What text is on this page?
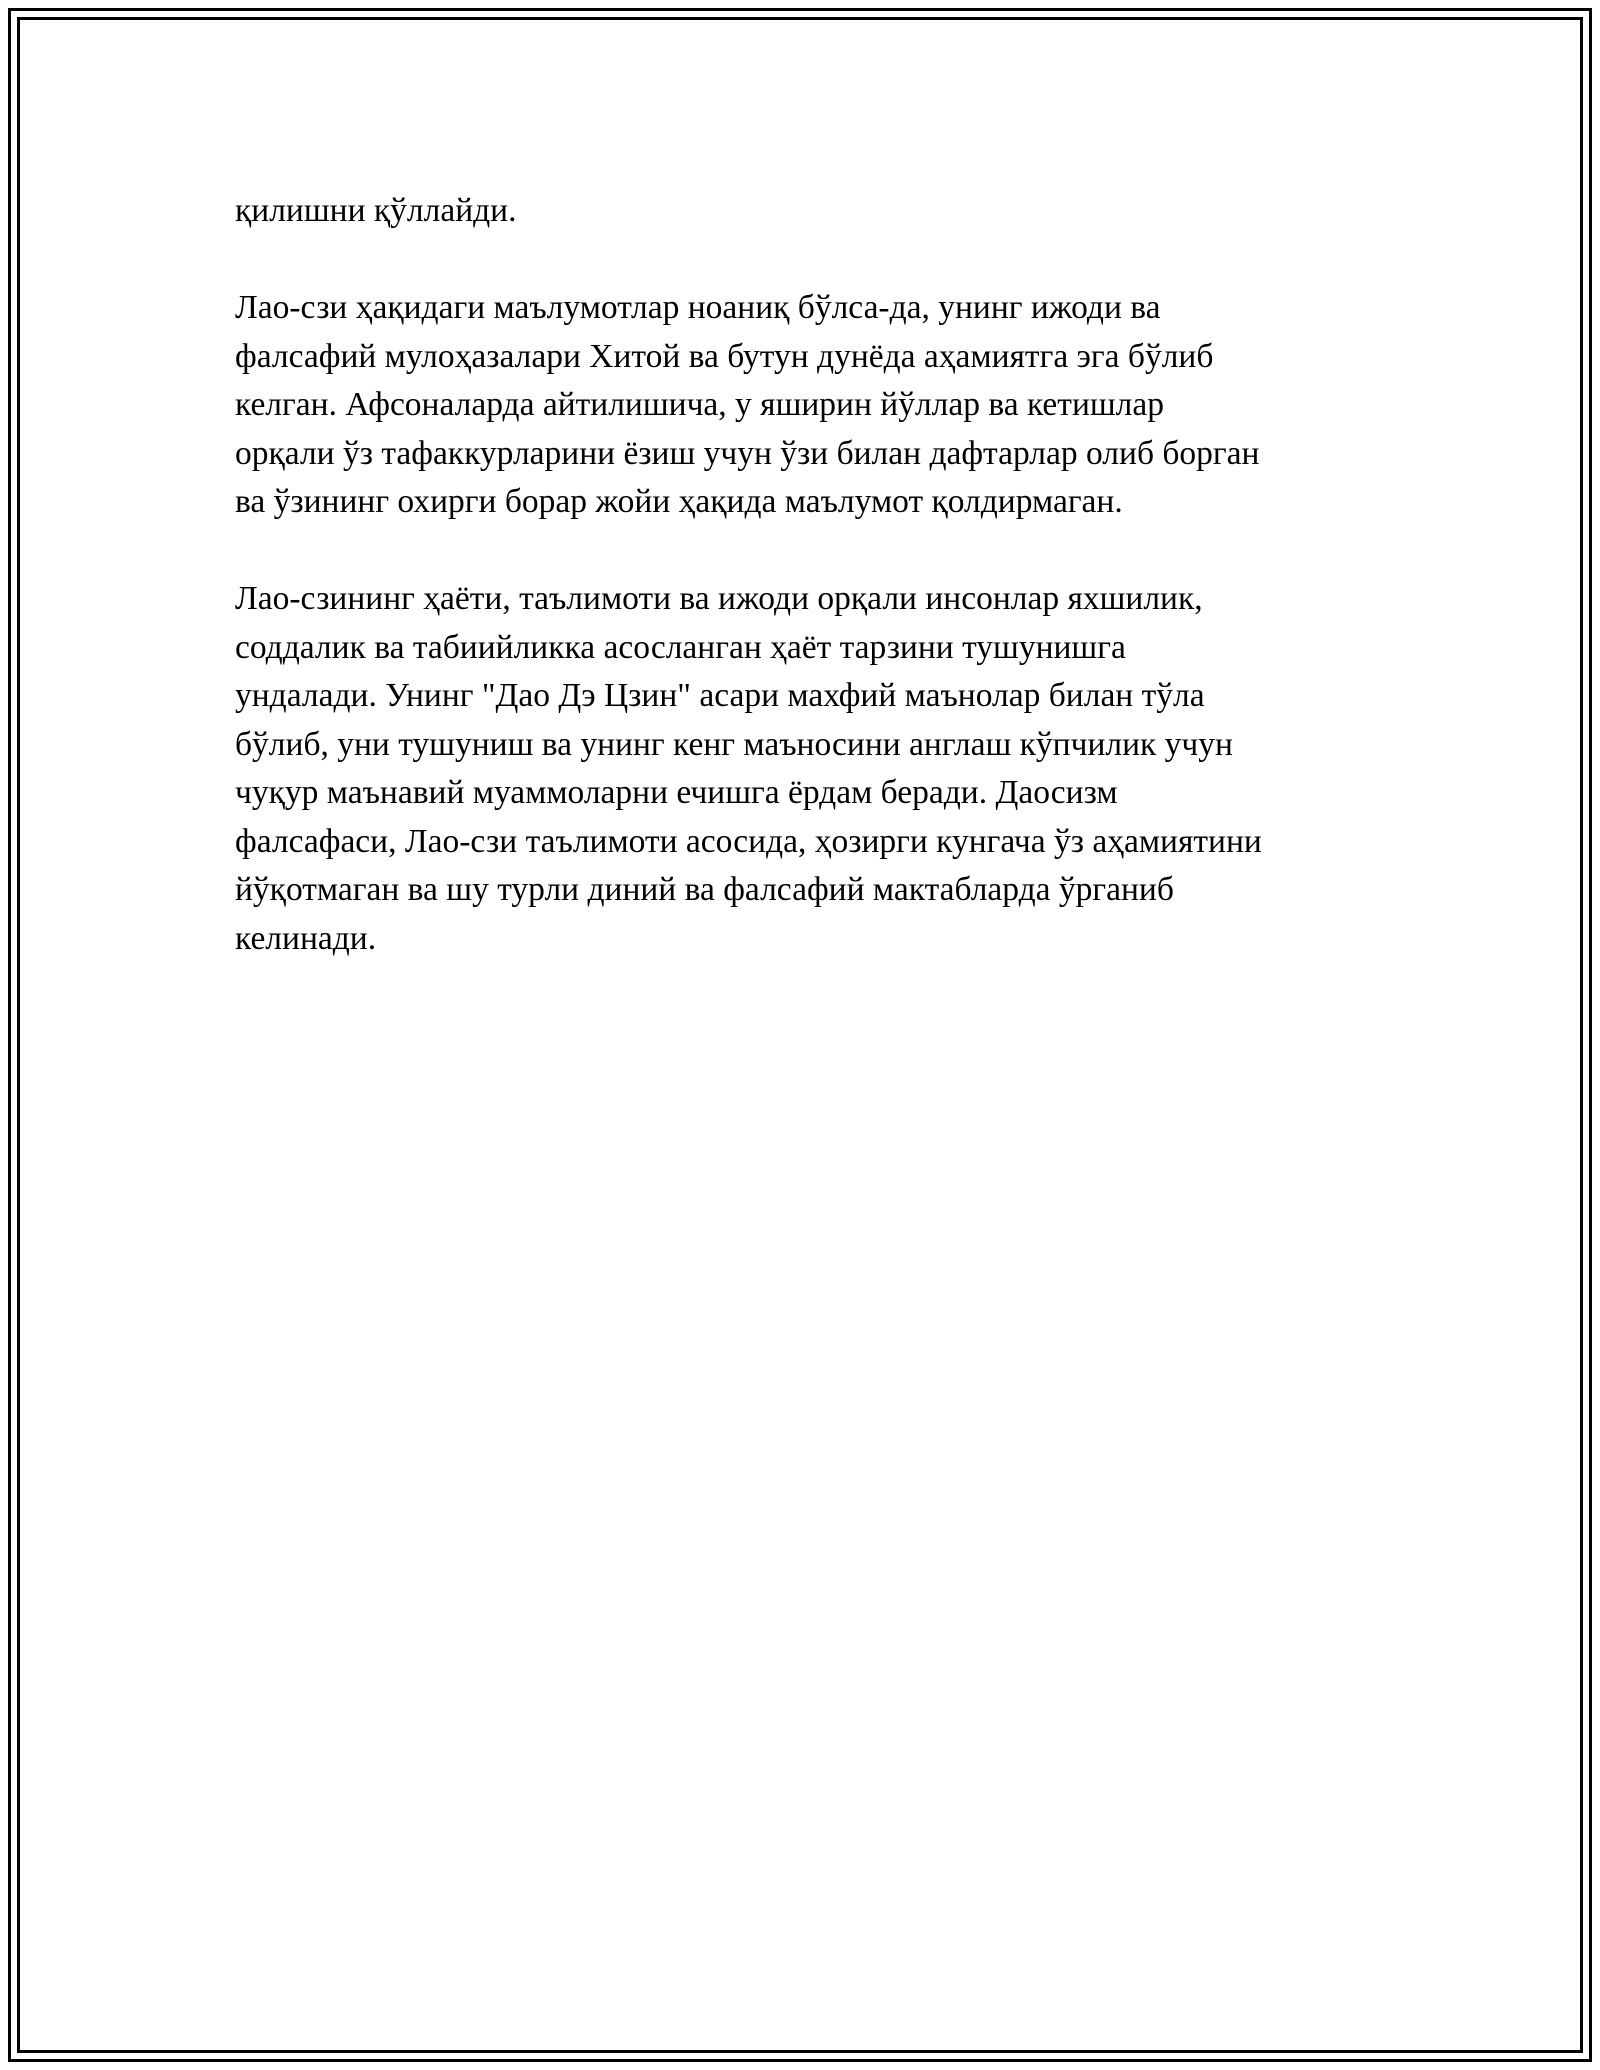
қилишни қўллайди.

Лао-сзи ҳақидаги маълумотлар ноаниқ бўлса-да, унинг ижоди ва
фалсафий мулоҳазалари Хитой ва бутун дунёда аҳамиятга эга бўлиб
келган. Афсоналарда айтилишича, у яширин йўллар ва кетишлар
орқали ўз тафаккурларини ёзиш учун ўзи билан дафтарлар олиб борган
ва ўзининг охирги борар жойи ҳақида маълумот қолдирмаган.

Лао-сзининг ҳаёти, таълимоти ва ижоди орқали инсонлар яхшилик,
соддалик ва табиийликка асосланган ҳаёт тарзини тушунишга
ундалади. Унинг "Дао Дэ Цзин" асари махфий маънолар билан тўла
бўлиб, уни тушуниш ва унинг кенг маъносини англаш кўпчилик учун
чуқур маънавий муаммоларни ечишга ёрдам беради. Даосизм
фалсафаси, Лао-сзи таълимоти асосида, ҳозирги кунгача ўз аҳамиятини
йўқотмаган ва шу турли диний ва фалсафий мактабларда ўрганиб
келинади.
